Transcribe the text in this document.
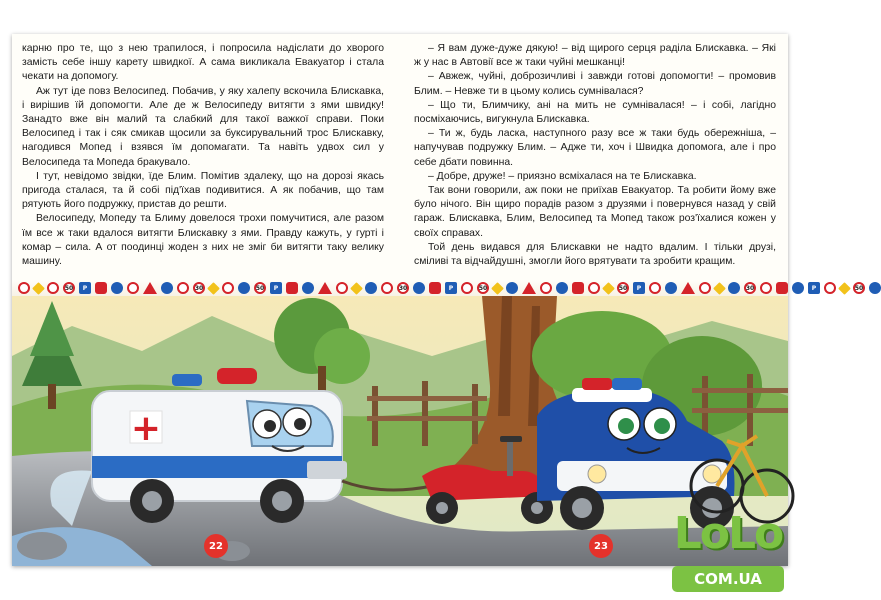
карню про те, що з нею трапилося, і попросила надіслати до хворого замість себе іншу карету швидкої. А сама викликала Евакуатор і стала чекати на допомогу.

Аж тут іде повз Велосипед. Побачив, у яку халепу вскочила Блискавка, і вирішив їй допомогти. Але де ж Велосипеду витягти з ями швидку! Занадто вже він малий та слабкий для такої важкої справи. Поки Велосипед і так і сяк смикав щосили за буксирувальний трос Блискавку, нагодився Мопед і взявся їм допомагати. Та навіть удвох сил у Велосипеда та Мопеда бракувало.

І тут, невідомо звідки, їде Блим. Помітив здалеку, що на дорозі якась пригода сталася, та й собі під'їхав подивитися. А як побачив, що там рятують його подружку, пристав до решти.

Велосипеду, Мопеду та Блиму довелося трохи помучитися, але разом їм все ж таки вдалося витягти Блискавку з ями. Правду кажуть, у гурті і комар – сила. А от поодинці жоден з них не зміг би витягти таку велику машину.

– Я вам дуже-дуже дякую! – від щирого серця раділа Блискавка. – Які ж у нас в Автовії все ж таки чуйні мешканці!

– Авжеж, чуйні, доброзичливі і завжди готові допомогти! – промовив Блим. – Невже ти в цьому колись сумнівалася?

– Що ти, Блимчику, ані на мить не сумнівалася! – і собі, лагідно посміхаючись, вигукнула Блискавка.

– Ти ж, будь ласка, наступного разу все ж таки будь обережніша, – напучував подружку Блим. – Адже ти, хоч і Швидка допомога, але і про себе дбати повинна.

– Добре, друже! – приязно всміхалася на те Блискавка.

Так вони говорили, аж поки не приїхав Евакуатор. Та робити йому вже було нічого. Він щиро порадів разом з друзями і повернувся назад у свій гараж. Блискавка, Блим, Велосипед та Мопед також роз'їхалися кожен у своїх справах.

Той день видався для Блискавки не надто вдалим. І тільки друзі, сміливі та відчайдушні, змогли його врятувати та зробити кращим.

50	P	30	50	P	30	P	50	50	P	30	P	50
+
22	23	LoLo
COM.UA
